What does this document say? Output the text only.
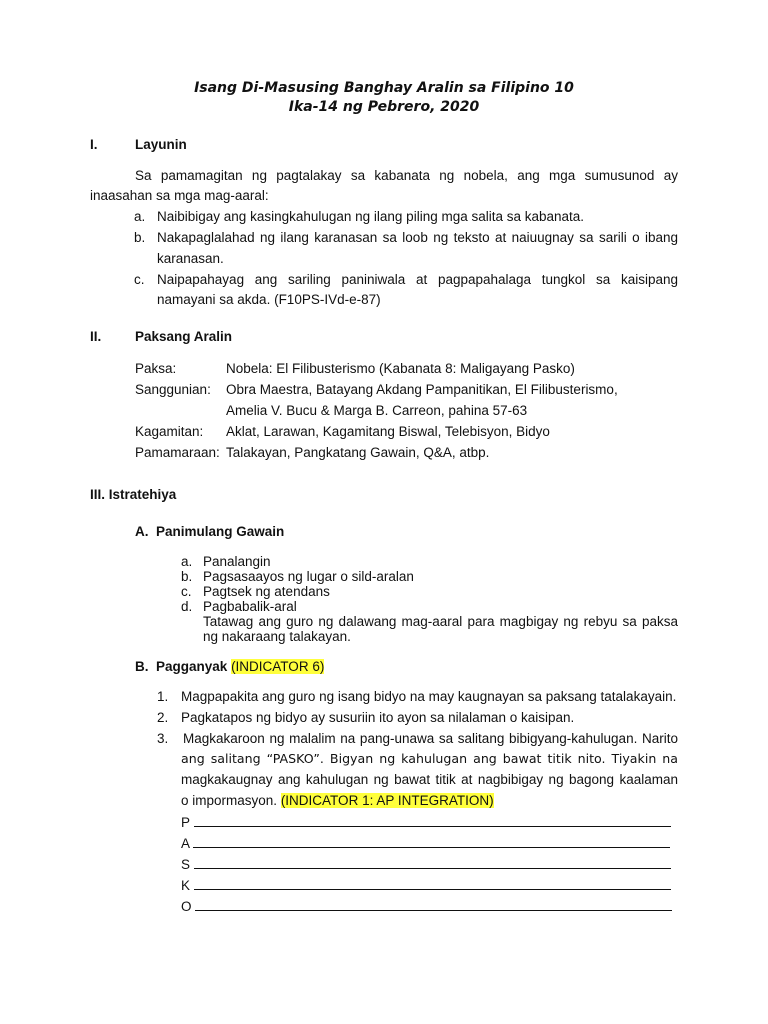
Isang Di-Masusing Banghay Aralin sa Filipino 10
Ika-14 ng Pebrero, 2020
I.	Layunin
Sa pamamagitan ng pagtalakay sa kabanata ng nobela, ang mga sumusunod ay
inaasahan sa mga mag-aaral:
a. Naibibigay ang kasingkahulugan ng ilang piling mga salita sa kabanata.
b. Nakapaglalahad ng ilang karanasan sa loob ng teksto at naiuugnay sa sarili o ibang
karanasan.
c. Naipapahayag ang sariling paniniwala at pagpapahalaga tungkol sa kaisipang
namayani sa akda. (F10PS-IVd-e-87)
II. Paksang Aralin
Paksa:	Nobela: El Filibusterismo (Kabanata 8: Maligayang Pasko)
Sanggunian: Obra Maestra, Batayang Akdang Pampanitikan, El Filibusterismo,
Amelia V. Bucu & Marga B. Carreon, pahina 57-63
Kagamitan: Aklat, Larawan, Kagamitang Biswal, Telebisyon, Bidyo
Pamamaraan: Talakayan, Pangkatang Gawain, Q&A, atbp.
III. Istratehiya
A.  Panimulang Gawain
a. Panalangin
b. Pagsasaayos ng lugar o sild-aralan
c. Pagtsek ng atendans
d. Pagbabalik-aral
Tatawag ang guro ng dalawang mag-aaral para magbigay ng rebyu sa paksa
ng nakaraang talakayan.
B.  Pagganyak (INDICATOR 6)
1. Magpapakita ang guro ng isang bidyo na may kaugnayan sa paksang tatalakayain.
2. Pagkatapos ng bidyo ay susuriin ito ayon sa nilalaman o kaisipan.
3. Magkakaroon ng malalim na pang-unawa sa salitang bibigyang-kahulugan. Narito
ang salitang “PASKO”. Bigyan ng kahulugan ang bawat titik nito. Tiyakin na
magkakaugnay ang kahulugan ng bawat titik at nagbibigay ng bagong kaalaman
o impormasyon. (INDICATOR 1: AP INTEGRATION)
P
A
S
K
O
